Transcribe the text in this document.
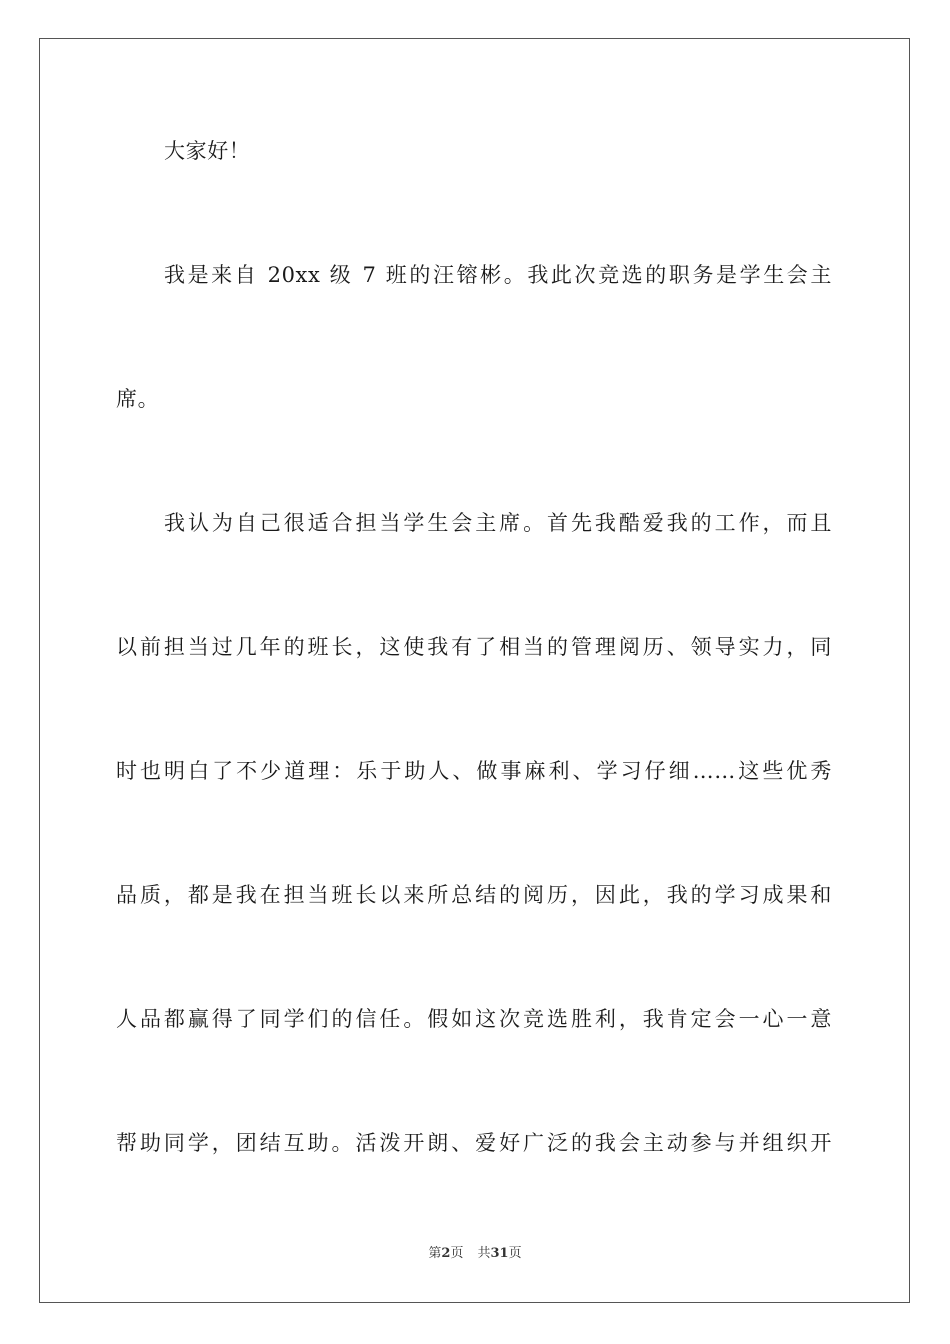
大家好！
我是来自 20xx 级 7 班的汪镕彬。我此次竞选的职务是学生会主
席。
我认为自己很适合担当学生会主席。首先我酷爱我的工作，而且
以前担当过几年的班长，这使我有了相当的管理阅历、领导实力，同
时也明白了不少道理：乐于助人、做事麻利、学习仔细……这些优秀
品质，都是我在担当班长以来所总结的阅历，因此，我的学习成果和
人品都赢得了同学们的信任。假如这次竞选胜利，我肯定会一心一意
帮助同学，团结互助。活泼开朗、爱好广泛的我会主动参与并组织开
第2页 共31页
